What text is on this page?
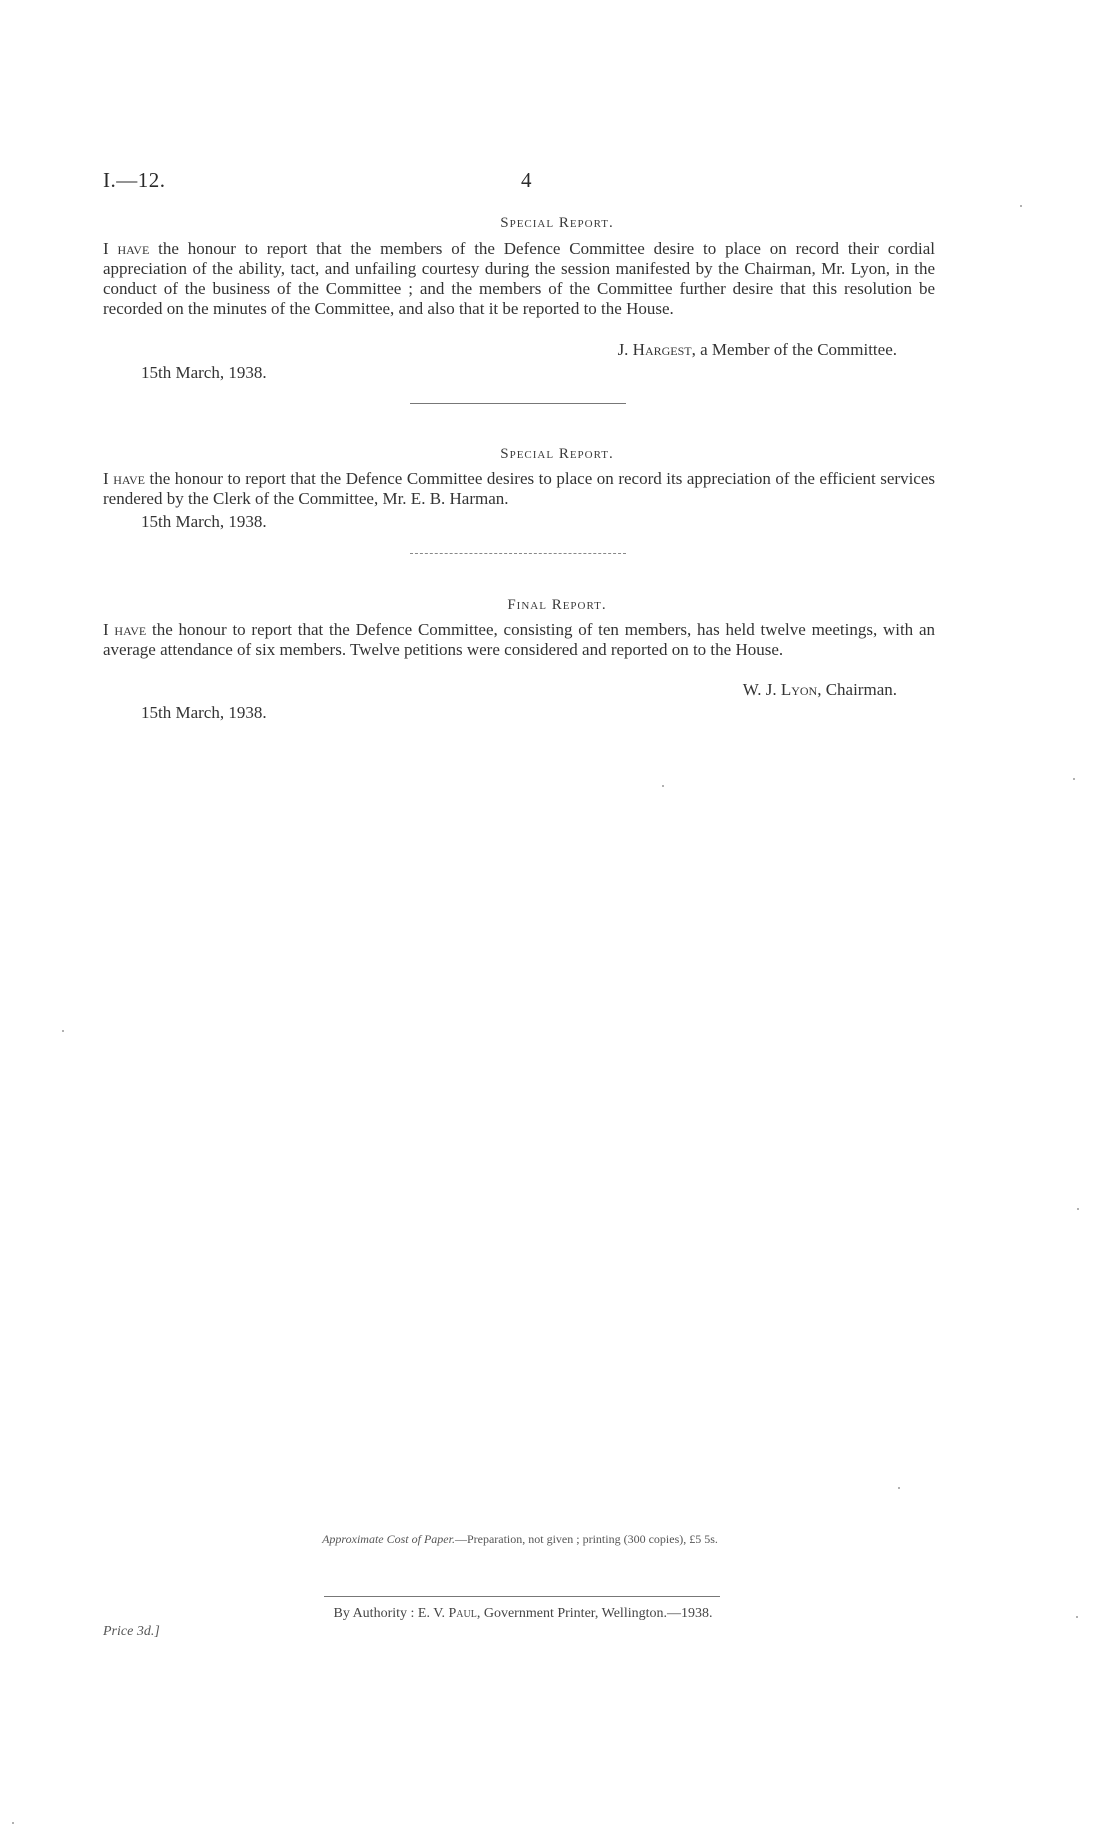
I.—12.	4
Special Report.
I have the honour to report that the members of the Defence Committee desire to place on record their cordial appreciation of the ability, tact, and unfailing courtesy during the session manifested by the Chairman, Mr. Lyon, in the conduct of the business of the Committee ; and the members of the Committee further desire that this resolution be recorded on the minutes of the Committee, and also that it be reported to the House.
J. Hargest, a Member of the Committee.
15th March, 1938.
Special Report.
I have the honour to report that the Defence Committee desires to place on record its appreciation of the efficient services rendered by the Clerk of the Committee, Mr. E. B. Harman.
15th March, 1938.
Final Report.
I have the honour to report that the Defence Committee, consisting of ten members, has held twelve meetings, with an average attendance of six members. Twelve petitions were considered and reported on to the House.
W. J. Lyon, Chairman.
15th March, 1938.
Approximate Cost of Paper.—Preparation, not given ; printing (300 copies), £5 5s.
By Authority : E. V. Paul, Government Printer, Wellington.—1938.
Price 3d.]
